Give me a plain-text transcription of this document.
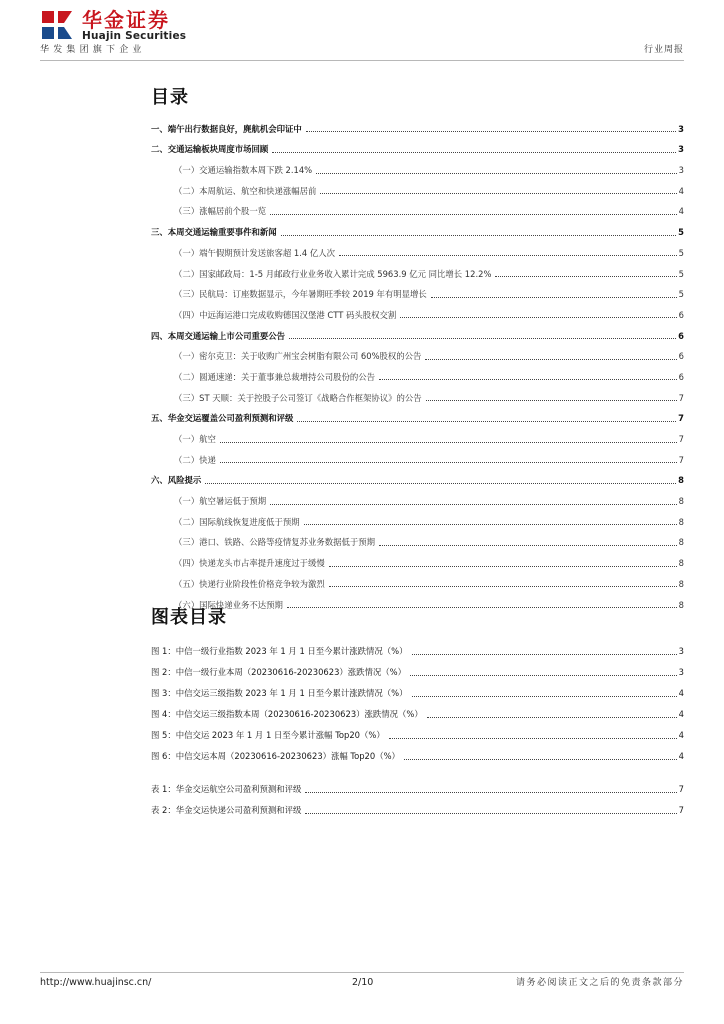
华金证券
Huajin Securities
华发集团旗下企业	行业周报
目录
一、端午出行数据良好，麂航机会印证中	3
二、交通运输板块周度市场回顾	3
（一）交通运输指数本周下跌 2.14%	3
（二）本周航运、航空和快递涨幅居前	4
（三）涨幅居前个股一览	4
三、本周交通运输重要事件和新闻	5
（一）端午假期预计发送旅客超 1.4 亿人次	5
（二）国家邮政局：1-5 月邮政行业业务收入累计完成 5963.9 亿元 同比增长 12.2%	5
（三）民航局：订座数据显示，今年暑期旺季较 2019 年有明显增长	5
（四）中远海运港口完成收购德国汉堡港 CTT 码头股权交割	6
四、本周交通运输上市公司重要公告	6
（一）密尔克卫：关于收购广州宝会树脂有限公司 60%股权的公告	6
（二）圆通速递：关于董事兼总裁增持公司股份的公告	6
（三）ST 天顺：关于控股子公司签订《战略合作框架协议》的公告	7
五、华金交运覆盖公司盈利预测和评级	7
（一）航空	7
（二）快递	7
六、风险提示	8
（一）航空暑运低于预期	8
（二）国际航线恢复进度低于预期	8
（三）港口、铁路、公路等疫情复苏业务数据低于预期	8
（四）快递龙头市占率提升速度过于缓慢	8
（五）快递行业阶段性价格竞争较为激烈	8
（六）国际快递业务不达预期	8
图表目录
图 1：中信一级行业指数 2023 年 1 月 1 日至今累计涨跌情况（%）	3
图 2：中信一级行业本周（20230616-20230623）涨跌情况（%）	3
图 3：中信交运三级指数 2023 年 1 月 1 日至今累计涨跌情况（%）	4
图 4：中信交运三级指数本周（20230616-20230623）涨跌情况（%）	4
图 5：中信交运 2023 年 1 月 1 日至今累计涨幅 Top20（%）	4
图 6：中信交运本周（20230616-20230623）涨幅 Top20（%）	4
表 1：华金交运航空公司盈利预测和评级	7
表 2：华金交运快递公司盈利预测和评级	7
http://www.huajinsc.cn/	2/10	请务必阅读正文之后的免责条款部分
